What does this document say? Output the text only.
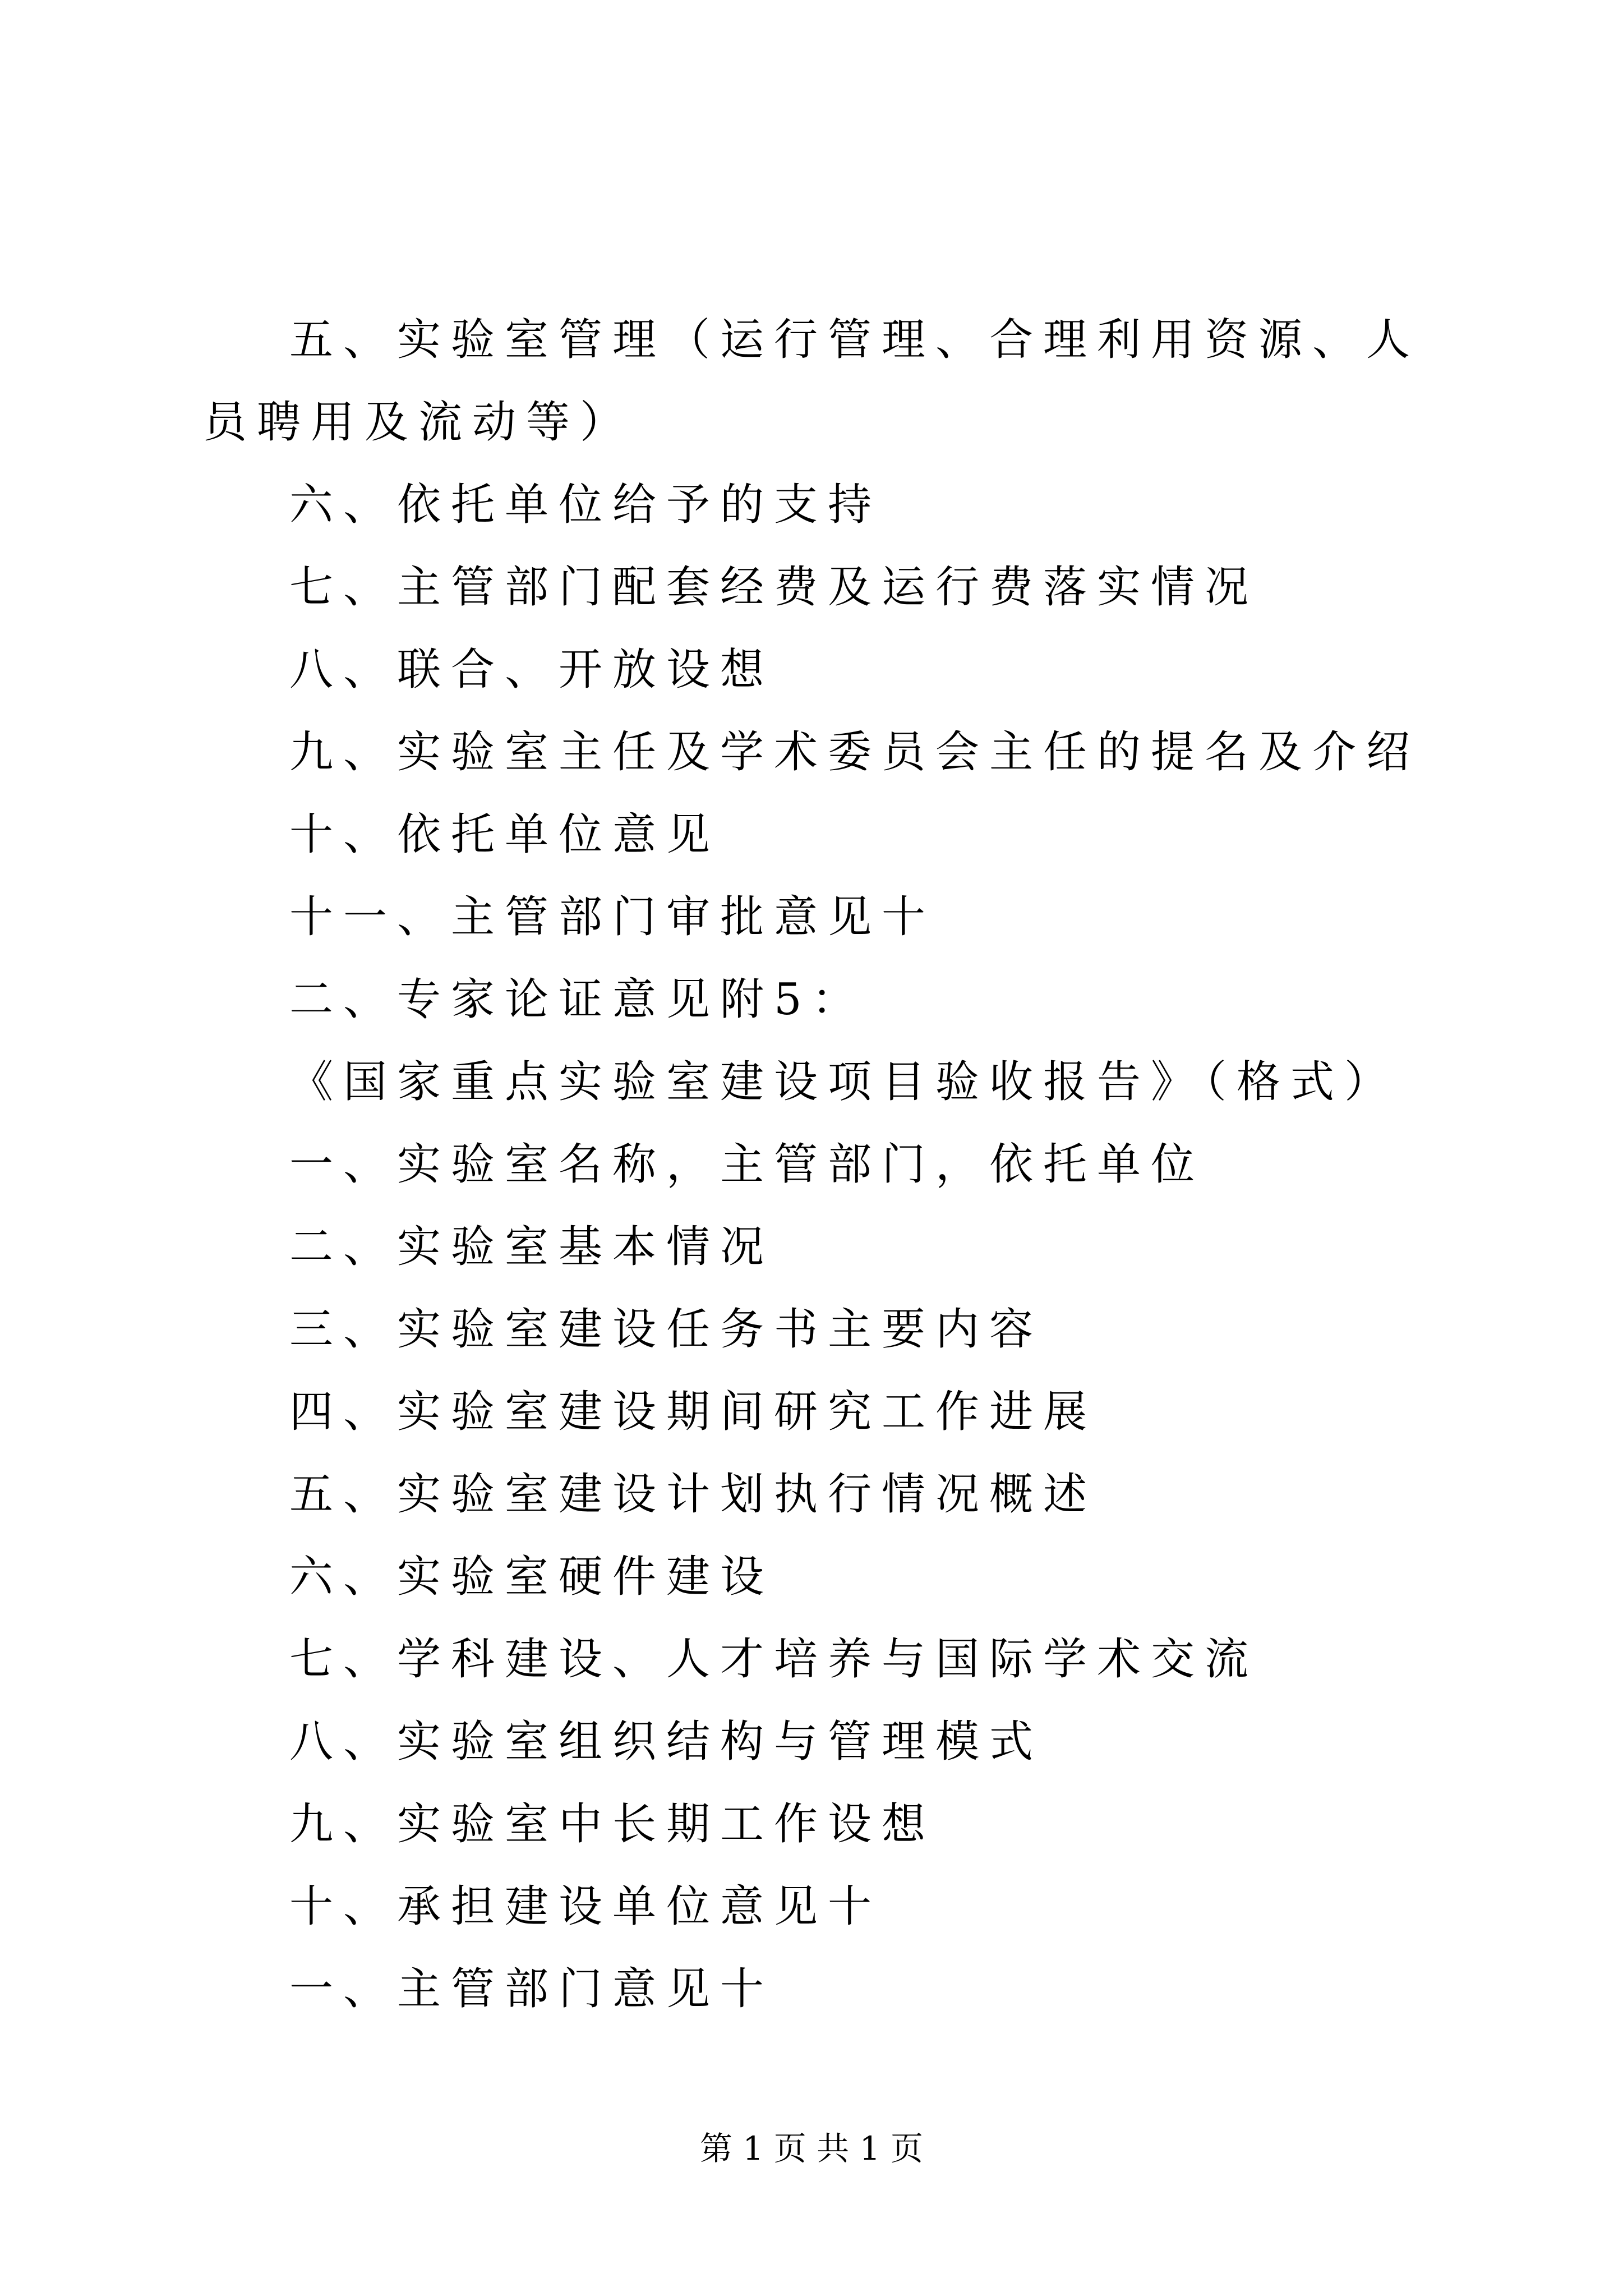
五、实验室管理（运行管理、合理利用资源、人员聘用及流动等）

六、依托单位给予的支持

七、主管部门配套经费及运行费落实情况

八、联合、开放设想

九、实验室主任及学术委员会主任的提名及介绍

十、依托单位意见

十一、主管部门审批意见十

二、专家论证意见附5：

《国家重点实验室建设项目验收报告》（格式）

一、实验室名称，主管部门，依托单位

二、实验室基本情况

三、实验室建设任务书主要内容

四、实验室建设期间研究工作进展

五、实验室建设计划执行情况概述

六、实验室硬件建设

七、学科建设、人才培养与国际学术交流

八、实验室组织结构与管理模式

九、实验室中长期工作设想

十、承担建设单位意见十

一、主管部门意见十

第 1 页 共 1 页
